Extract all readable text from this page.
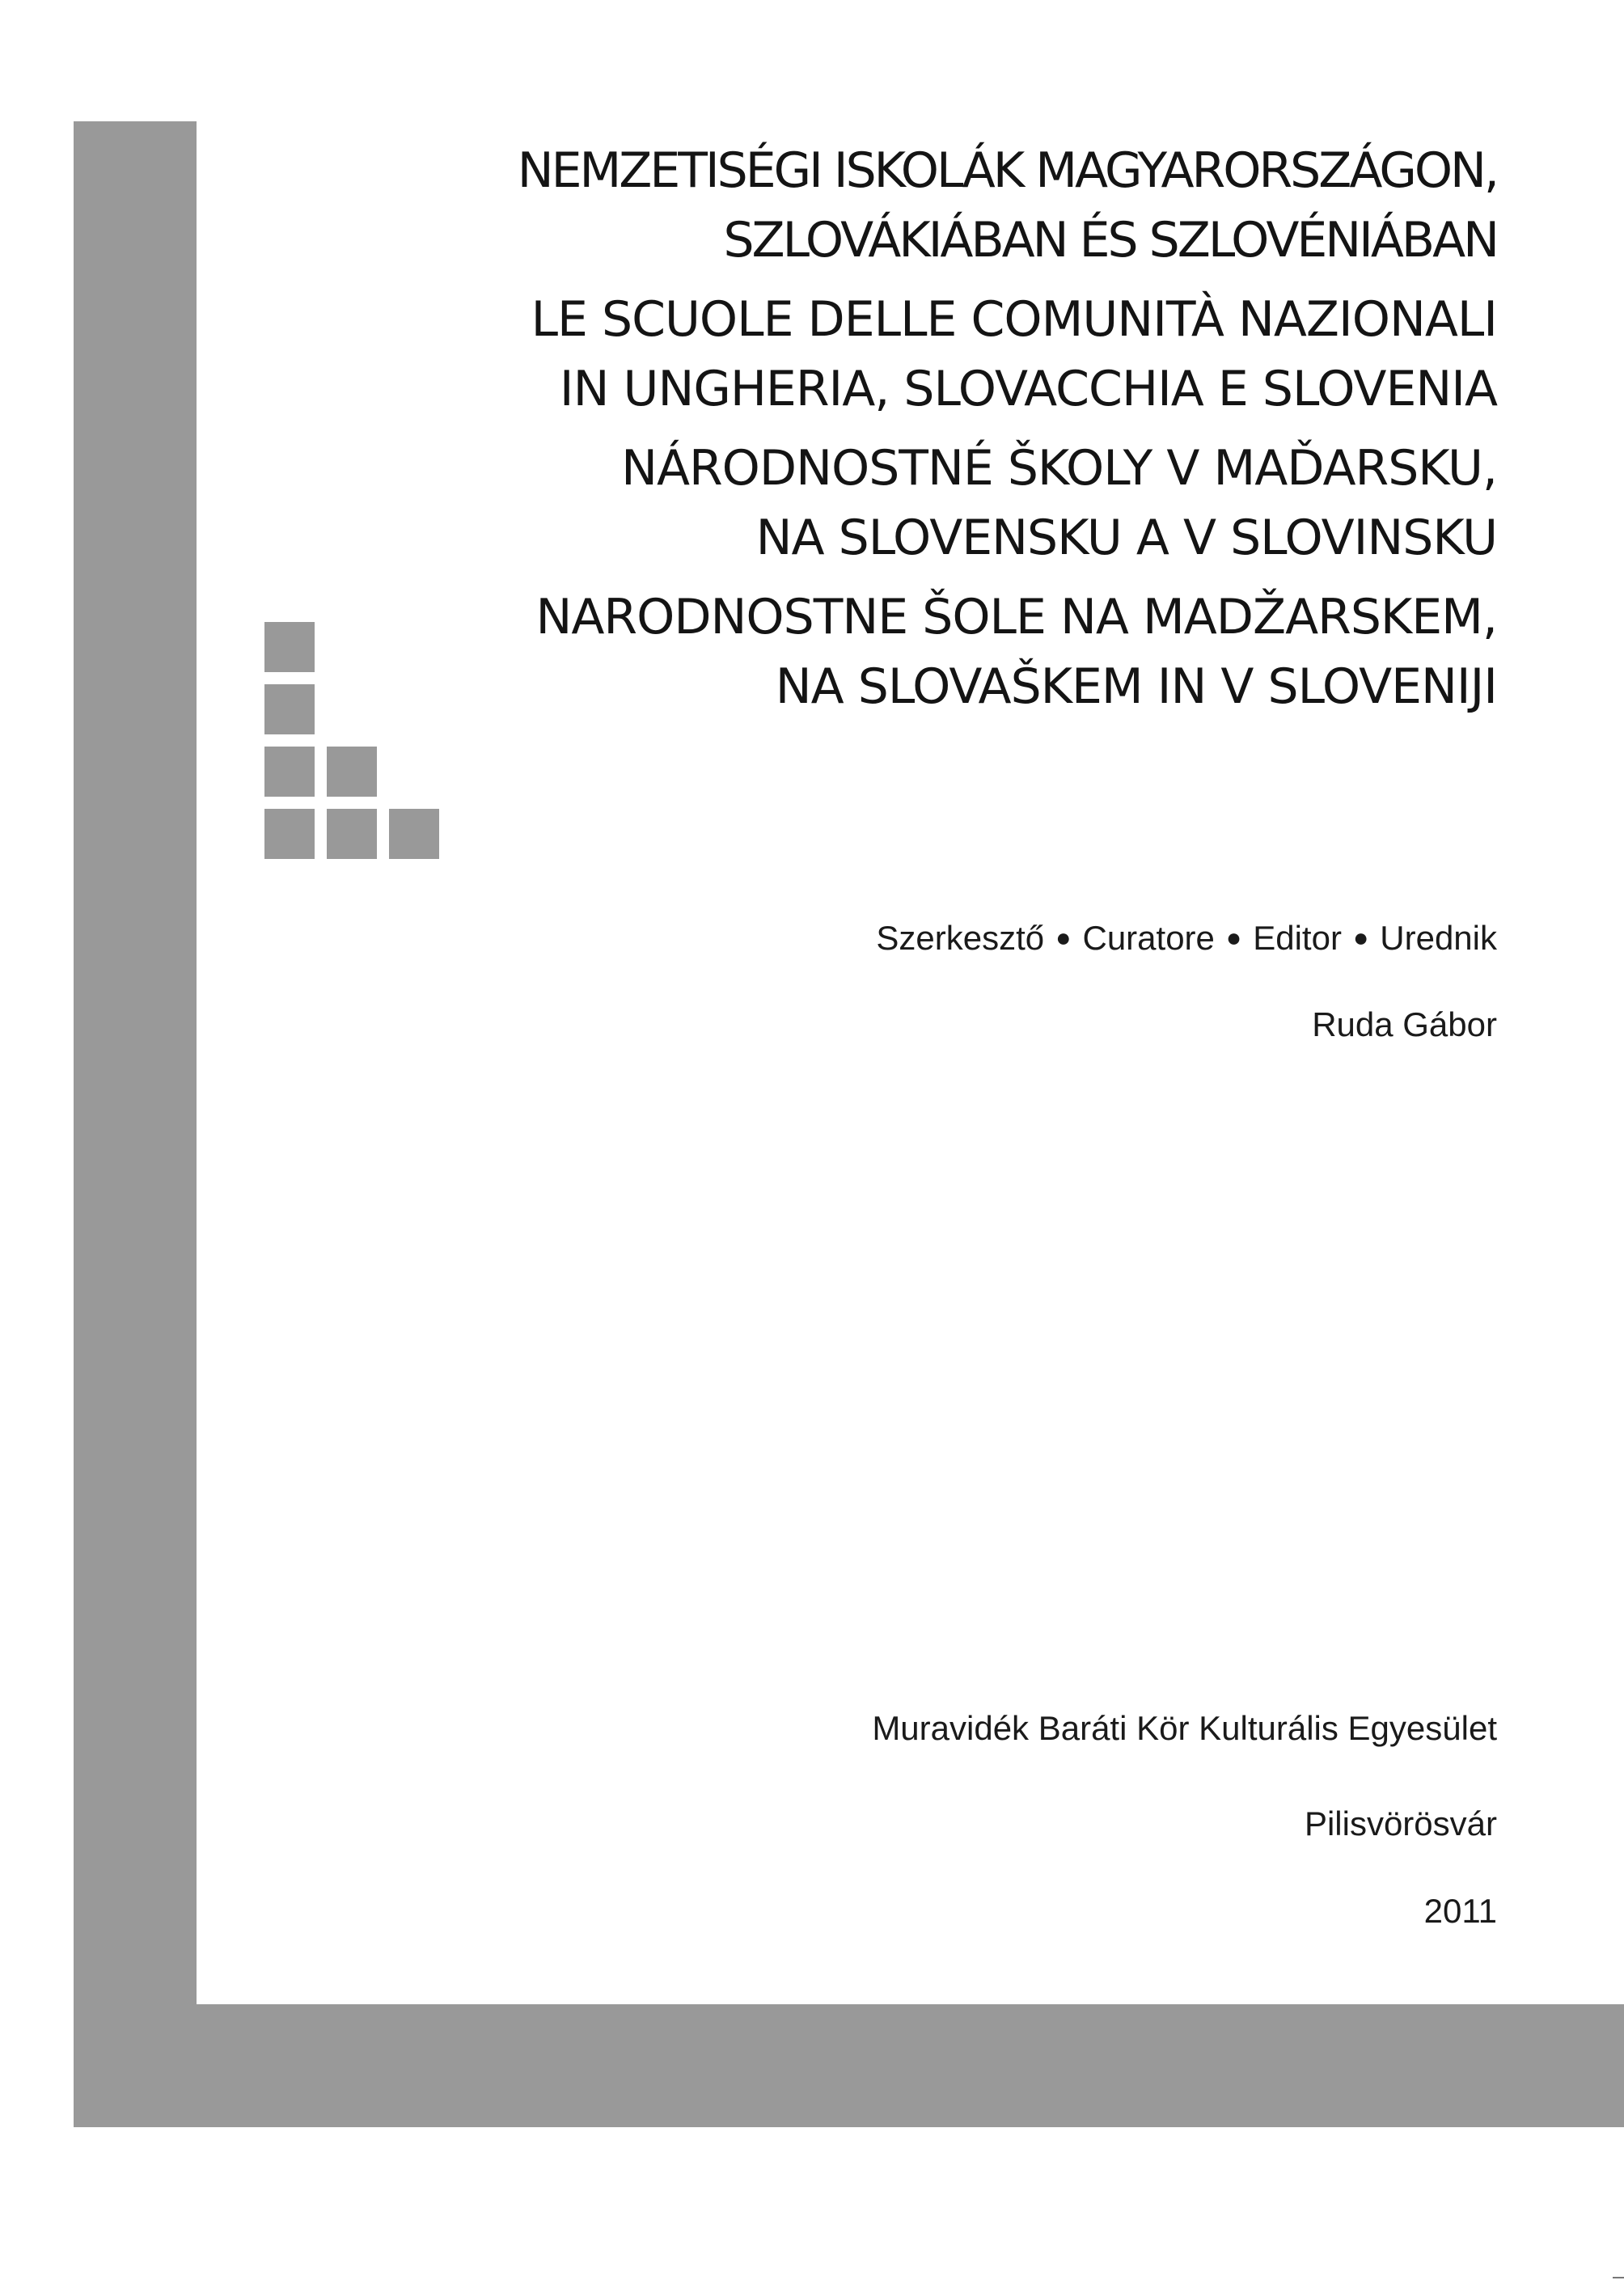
NEMZETISÉGI ISKOLÁK MAGYARORSZÁGON,
SZLOVÁKIÁBAN ÉS SZLOVÉNIÁBAN
LE SCUOLE DELLE COMUNITÀ NAZIONALI
IN UNGHERIA, SLOVACCHIA E SLOVENIA
NÁRODNOSTNÉ ŠKOLY V MAĎARSKU,
NA SLOVENSKU A V SLOVINSKU
NARODNOSTNE ŠOLE NA MADŽARSKEM,
NA SLOVAŠKEM IN V SLOVENIJI
Szerkesztő ● Curatore ● Editor ● Urednik
Ruda Gábor
Muravidék Baráti Kör Kulturális Egyesület
Pilisvörösvár
2011
